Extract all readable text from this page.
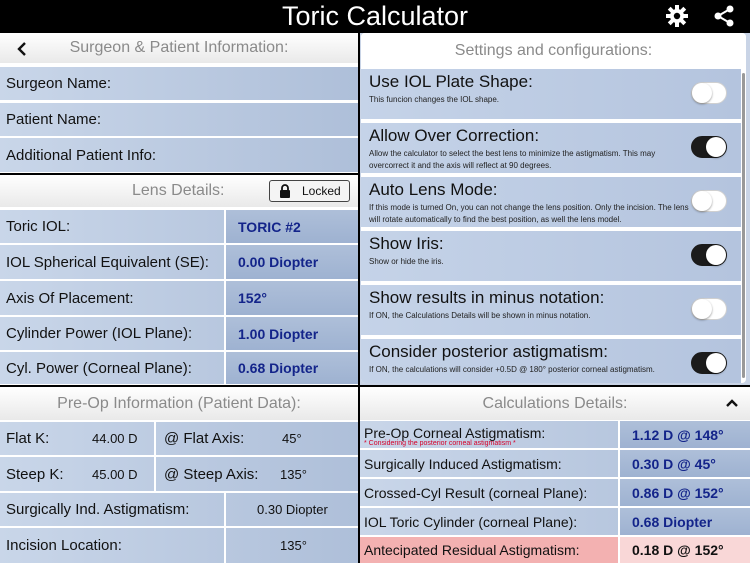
Toric Calculator
Surgeon & Patient Information:
Surgeon Name:
Patient Name:
Additional Patient Info:
Lens Details:	Locked
Toric IOL:	TORIC #2
IOL Spherical Equivalent (SE): 0.00 Diopter
Axis Of Placement:	152°
Cylinder Power (IOL Plane):	1.00 Diopter
Cyl. Power (Corneal Plane):	0.68 Diopter
Pre-Op Information (Patient Data):
Flat K:	44.00 D @ Flat Axis:	45°
Steep K: 45.00 D @ Steep Axis: 135°
Surgically Ind. Astigmatism:	0.30 Diopter
Incision Location:	135°
Settings and configurations:
Use IOL Plate Shape:
This funcion changes the IOL shape.
Allow Over Correction:
Allow the calculator to select the best lens to minimize the astigmatism. This may overcorrect it and the axis will reflect at 90 degrees.
Auto Lens Mode:
If this mode is turned On, you can not change the lens position. Only the incision. The lens will rotate automatically to find the best position, as well the lens model.
Show Iris:
Show or hide the iris.
Show results in minus notation:
If ON, the Calculations Details will be shown in minus notation.
Consider posterior astigmatism:
If ON, the calculations will consider +0.5D @ 180° posterior corneal astigmatism.
Calculations Details:
Pre-Op Corneal Astigmatism:
* Considering the posterior corneal astigmatism *
1.12 D @ 148°
Surgically Induced Astigmatism:	0.30 D @ 45°
Crossed-Cyl Result (corneal Plane):	0.86 D @ 152°
IOL Toric Cylinder (corneal Plane):	0.68 Diopter
Antecipated Residual Astigmatism:	0.18 D @ 152°
